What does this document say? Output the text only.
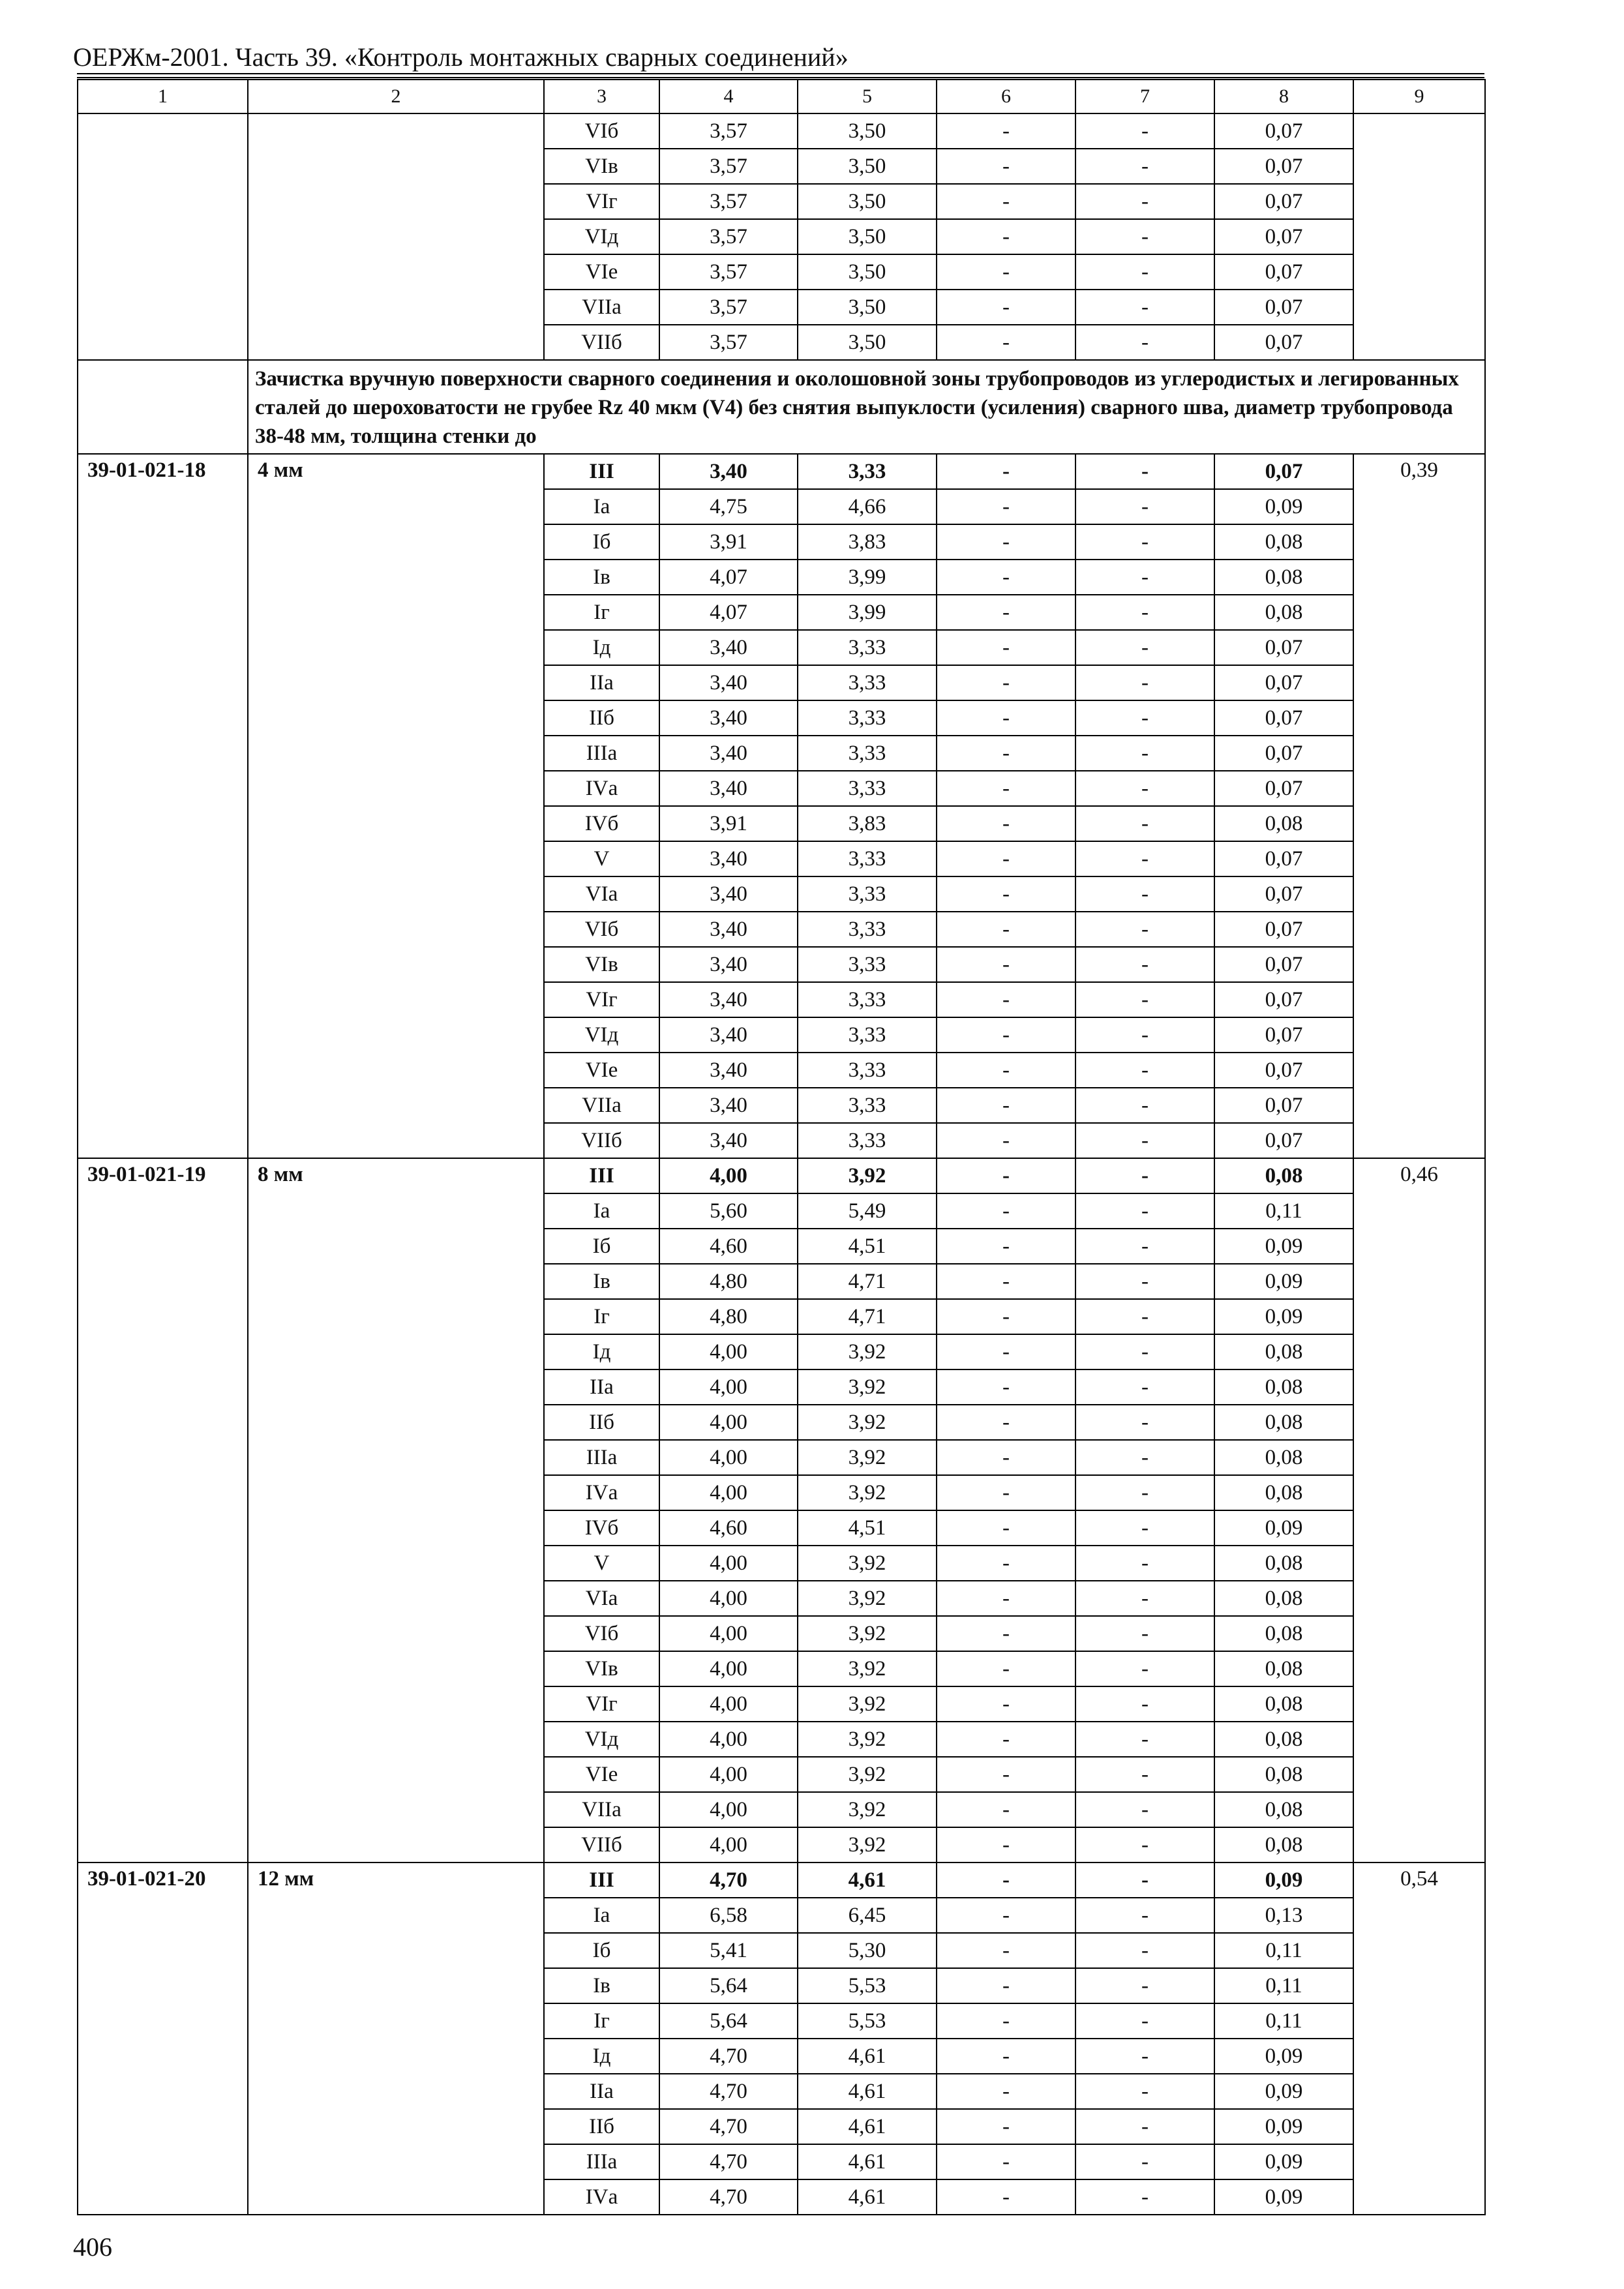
ОЕРЖм-2001. Часть 39. «Контроль монтажных сварных соединений»
1	2	3	4	5	6	7	8	9
		VIб	3,57	3,50	-	-	0,07	
		VIв	3,57	3,50	-	-	0,07	
		VIг	3,57	3,50	-	-	0,07	
		VIд	3,57	3,50	-	-	0,07	
		VIе	3,57	3,50	-	-	0,07	
		VIIа	3,57	3,50	-	-	0,07	
		VIIб	3,57	3,50	-	-	0,07	
	Зачистка вручную поверхности сварного соединения и околошовной зоны трубопроводов из углеродистых и легированных сталей до шероховатости не грубее Rz 40 мкм (V4) без снятия выпуклости (усиления) сварного шва, диаметр трубопровода 38-48 мм, толщина стенки до							
39-01-021-18	4 мм	III	3,40	3,33	-	-	0,07	0,39
		Iа	4,75	4,66	-	-	0,09	
		Iб	3,91	3,83	-	-	0,08	
		Iв	4,07	3,99	-	-	0,08	
		Iг	4,07	3,99	-	-	0,08	
		Iд	3,40	3,33	-	-	0,07	
		IIа	3,40	3,33	-	-	0,07	
		IIб	3,40	3,33	-	-	0,07	
		IIIа	3,40	3,33	-	-	0,07	
		IVа	3,40	3,33	-	-	0,07	
		IVб	3,91	3,83	-	-	0,08	
		V	3,40	3,33	-	-	0,07	
		VIа	3,40	3,33	-	-	0,07	
		VIб	3,40	3,33	-	-	0,07	
		VIв	3,40	3,33	-	-	0,07	
		VIг	3,40	3,33	-	-	0,07	
		VIд	3,40	3,33	-	-	0,07	
		VIе	3,40	3,33	-	-	0,07	
		VIIа	3,40	3,33	-	-	0,07	
		VIIб	3,40	3,33	-	-	0,07	
39-01-021-19	8 мм	III	4,00	3,92	-	-	0,08	0,46
		Iа	5,60	5,49	-	-	0,11	
		Iб	4,60	4,51	-	-	0,09	
		Iв	4,80	4,71	-	-	0,09	
		Iг	4,80	4,71	-	-	0,09	
		Iд	4,00	3,92	-	-	0,08	
		IIа	4,00	3,92	-	-	0,08	
		IIб	4,00	3,92	-	-	0,08	
		IIIа	4,00	3,92	-	-	0,08	
		IVа	4,00	3,92	-	-	0,08	
		IVб	4,60	4,51	-	-	0,09	
		V	4,00	3,92	-	-	0,08	
		VIа	4,00	3,92	-	-	0,08	
		VIб	4,00	3,92	-	-	0,08	
		VIв	4,00	3,92	-	-	0,08	
		VIг	4,00	3,92	-	-	0,08	
		VIд	4,00	3,92	-	-	0,08	
		VIе	4,00	3,92	-	-	0,08	
		VIIа	4,00	3,92	-	-	0,08	
		VIIб	4,00	3,92	-	-	0,08	
39-01-021-20	12 мм	III	4,70	4,61	-	-	0,09	0,54
		Iа	6,58	6,45	-	-	0,13	
		Iб	5,41	5,30	-	-	0,11	
		Iв	5,64	5,53	-	-	0,11	
		Iг	5,64	5,53	-	-	0,11	
		Iд	4,70	4,61	-	-	0,09	
		IIа	4,70	4,61	-	-	0,09	
		IIб	4,70	4,61	-	-	0,09	
		IIIа	4,70	4,61	-	-	0,09	
		IVа	4,70	4,61	-	-	0,09	
406
